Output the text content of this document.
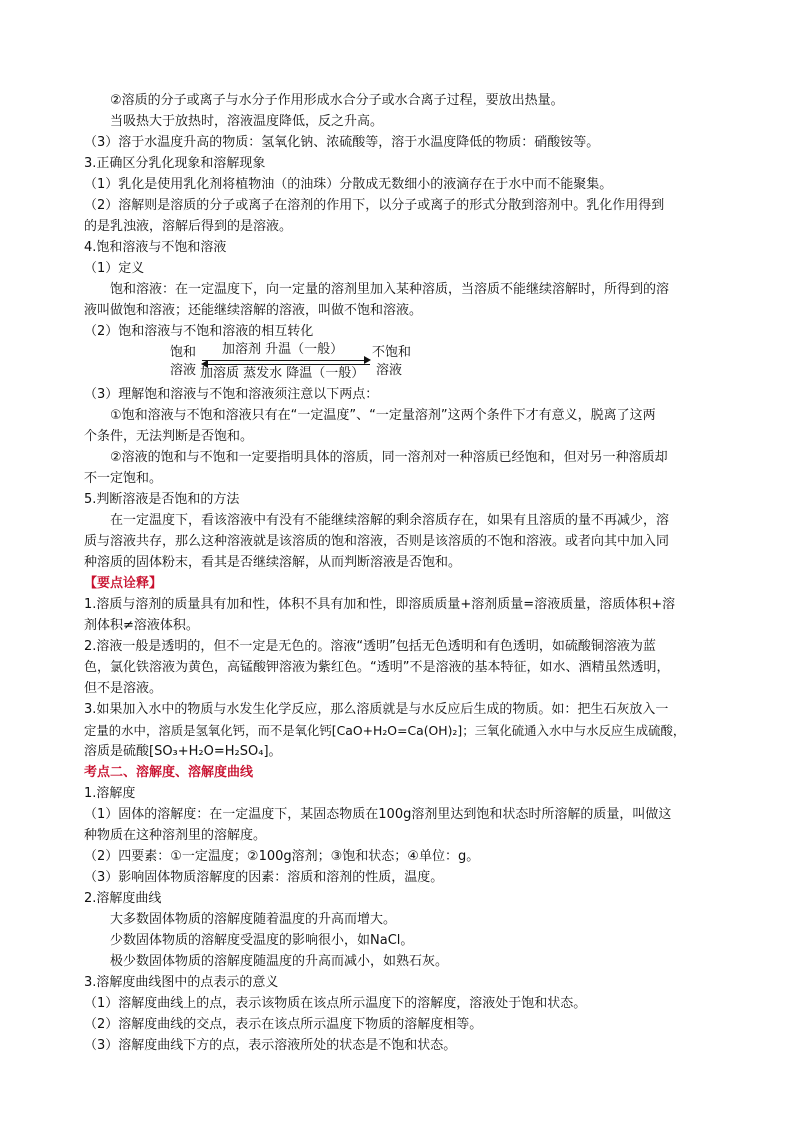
②溶质的分子或离子与水分子作用形成水合分子或水合离子过程，要放出热量。

当吸热大于放热时，溶液温度降低，反之升高。

（3）溶于水温度升高的物质：氢氧化钠、浓硫酸等，溶于水温度降低的物质：硝酸铵等。

3.正确区分乳化现象和溶解现象

（1）乳化是使用乳化剂将植物油（的油珠）分散成无数细小的液滴存在于水中而不能聚集。

（2）溶解则是溶质的分子或离子在溶剂的作用下，以分子或离子的形式分散到溶剂中。乳化作用得到

的是乳浊液，溶解后得到的是溶液。

4.饱和溶液与不饱和溶液

（1）定义

饱和溶液：在一定温度下，向一定量的溶剂里加入某种溶质，当溶质不能继续溶解时，所得到的溶

液叫做饱和溶液；还能继续溶解的溶液，叫做不饱和溶液。

（2）饱和溶液与不饱和溶液的相互转化

饱和
溶液
加溶剂 升温（一般）
加溶质 蒸发水 降温（一般）
不饱和
溶液

（3）理解饱和溶液与不饱和溶液须注意以下两点：

①饱和溶液与不饱和溶液只有在“一定温度”、“一定量溶剂”这两个条件下才有意义，脱离了这两

个条件，无法判断是否饱和。

②溶液的饱和与不饱和一定要指明具体的溶质，同一溶剂对一种溶质已经饱和，但对另一种溶质却

不一定饱和。

5.判断溶液是否饱和的方法

在一定温度下，看该溶液中有没有不能继续溶解的剩余溶质存在，如果有且溶质的量不再减少，溶

质与溶液共存，那么这种溶液就是该溶质的饱和溶液，否则是该溶质的不饱和溶液。或者向其中加入同

种溶质的固体粉末，看其是否继续溶解，从而判断溶液是否饱和。

【要点诠释】

1.溶质与溶剂的质量具有加和性，体积不具有加和性，即溶质质量+溶剂质量=溶液质量，溶质体积+溶

剂体积≠溶液体积。

2.溶液一般是透明的，但不一定是无色的。溶液“透明”包括无色透明和有色透明，如硫酸铜溶液为蓝

色，氯化铁溶液为黄色，高锰酸钾溶液为紫红色。“透明”不是溶液的基本特征，如水、酒精虽然透明，

但不是溶液。

3.如果加入水中的物质与水发生化学反应，那么溶质就是与水反应后生成的物质。如：把生石灰放入一

定量的水中，溶质是氢氧化钙，而不是氧化钙[CaO+H₂O=Ca(OH)₂]；三氧化硫通入水中与水反应生成硫酸，

溶质是硫酸[SO₃+H₂O=H₂SO₄]。

考点二、溶解度、溶解度曲线

1.溶解度

（1）固体的溶解度：在一定温度下，某固态物质在100g溶剂里达到饱和状态时所溶解的质量，叫做这

种物质在这种溶剂里的溶解度。

（2）四要素：①一定温度；②100g溶剂；③饱和状态；④单位：g。

（3）影响固体物质溶解度的因素：溶质和溶剂的性质，温度。

2.溶解度曲线

大多数固体物质的溶解度随着温度的升高而增大。

少数固体物质的溶解度受温度的影响很小，如NaCl。

极少数固体物质的溶解度随温度的升高而减小，如熟石灰。

3.溶解度曲线图中的点表示的意义

（1）溶解度曲线上的点，表示该物质在该点所示温度下的溶解度，溶液处于饱和状态。

（2）溶解度曲线的交点，表示在该点所示温度下物质的溶解度相等。

（3）溶解度曲线下方的点，表示溶液所处的状态是不饱和状态。
